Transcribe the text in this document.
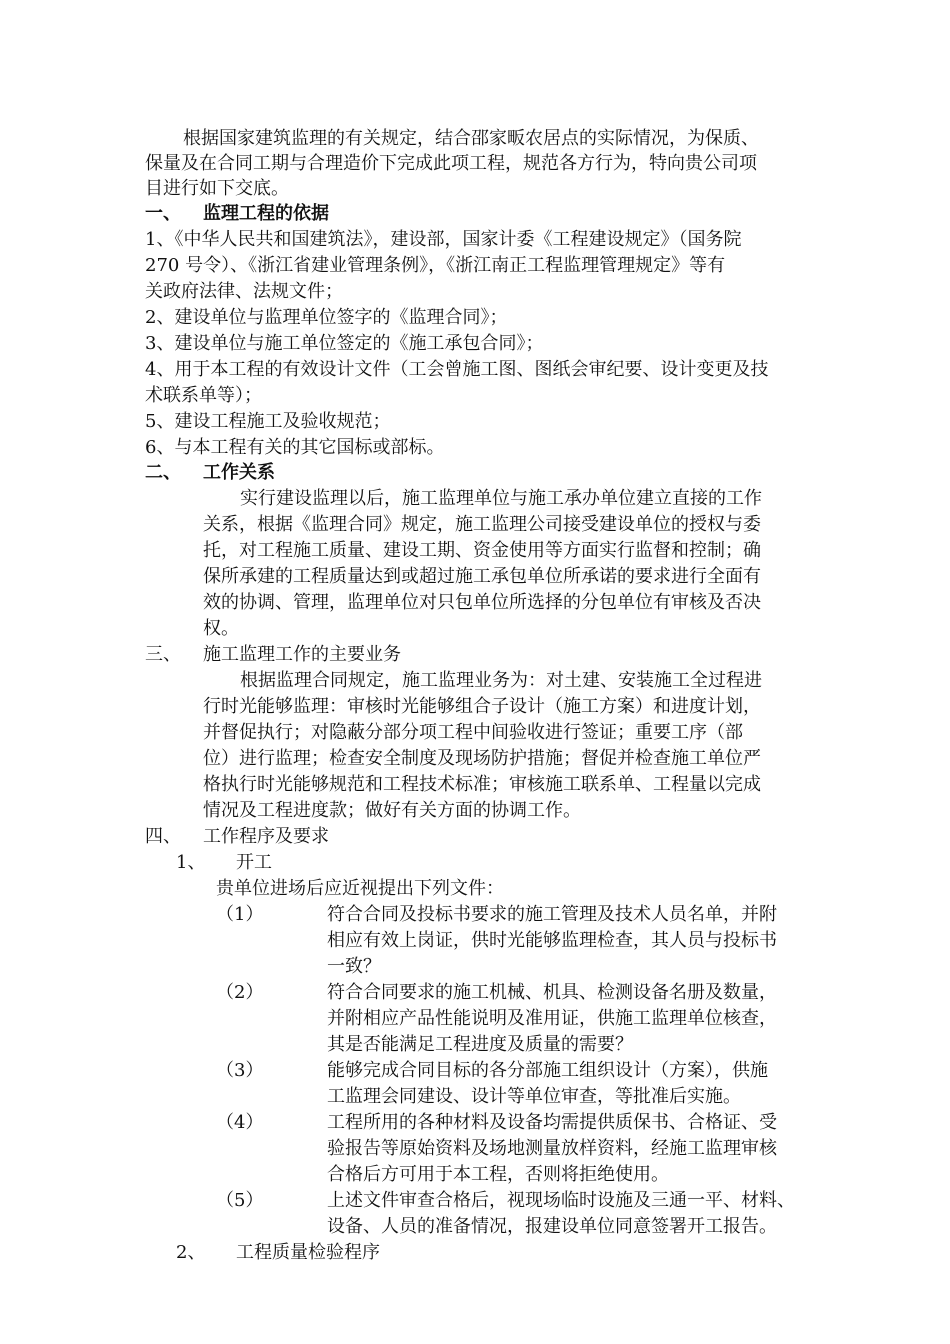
根据国家建筑监理的有关规定，结合邵家畈农居点的实际情况，为保质、
保量及在合同工期与合理造价下完成此项工程，规范各方行为，特向贵公司项
目进行如下交底。
一、 监理工程的依据
1、《中华人民共和国建筑法》，建设部，国家计委《工程建设规定》（国务院
270 号令）、《浙江省建业管理条例》，《浙江南正工程监理管理规定》等有
关政府法律、法规文件；
2、建设单位与监理单位签字的《监理合同》；
3、建设单位与施工单位签定的《施工承包合同》；
4、用于本工程的有效设计文件（工会曾施工图、图纸会审纪要、设计变更及技
术联系单等）；
5、建设工程施工及验收规范；
6、与本工程有关的其它国标或部标。
二、 工作关系
实行建设监理以后，施工监理单位与施工承办单位建立直接的工作
关系，根据《监理合同》规定，施工监理公司接受建设单位的授权与委
托，对工程施工质量、建设工期、资金使用等方面实行监督和控制；确
保所承建的工程质量达到或超过施工承包单位所承诺的要求进行全面有
效的协调、管理，监理单位对只包单位所选择的分包单位有审核及否决
权。
三、 施工监理工作的主要业务
根据监理合同规定，施工监理业务为：对土建、安装施工全过程进
行时光能够监理：审核时光能够组合子设计（施工方案）和进度计划，
并督促执行；对隐蔽分部分项工程中间验收进行签证；重要工序（部
位）进行监理；检查安全制度及现场防护措施；督促并检查施工单位严
格执行时光能够规范和工程技术标准；审核施工联系单、工程量以完成
情况及工程进度款；做好有关方面的协调工作。
四、 工作程序及要求
1、 开工
贵单位进场后应近视提出下列文件：
（1）	符合合同及投标书要求的施工管理及技术人员名单，并附
相应有效上岗证，供时光能够监理检查，其人员与投标书
一致？
（2）	符合合同要求的施工机械、机具、检测设备名册及数量，
并附相应产品性能说明及准用证，供施工监理单位核查，
其是否能满足工程进度及质量的需要？
（3）	能够完成合同目标的各分部施工组织设计（方案），供施
工监理会同建设、设计等单位审查，等批准后实施。
（4）	工程所用的各种材料及设备均需提供质保书、合格证、受
验报告等原始资料及场地测量放样资料，经施工监理审核
合格后方可用于本工程，否则将拒绝使用。
（5）	上述文件审查合格后，视现场临时设施及三通一平、材料、
设备、人员的准备情况，报建设单位同意签署开工报告。
2、 工程质量检验程序
